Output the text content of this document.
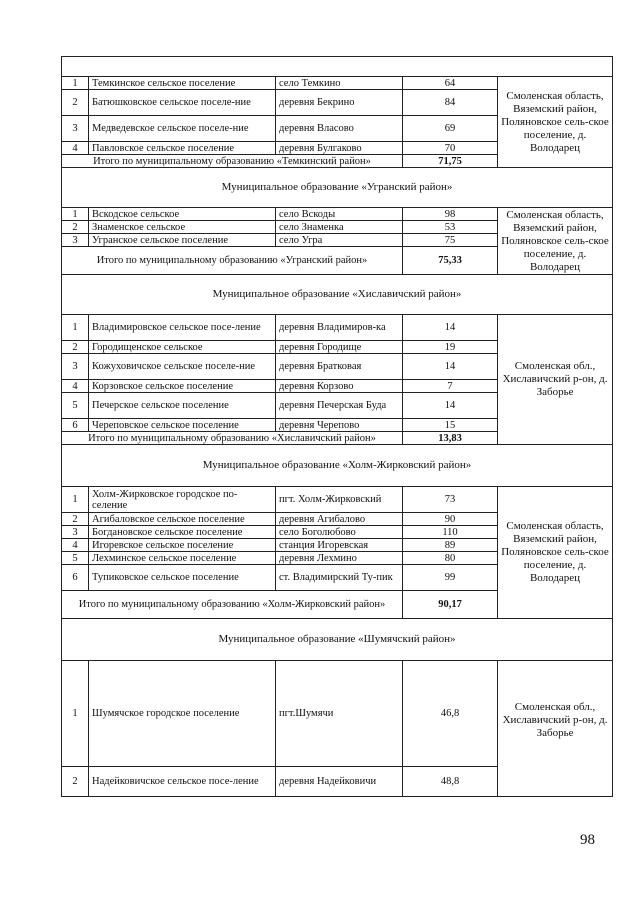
1	Темкинское сельское поселение	село Темкино	64	Смоленская область, Вяземский район, Поляновское сель-ское поселение, д. Володарец
2	Батюшковское сельское поселе-ние	деревня Бекрино	84	
3	Медведевское сельское поселе-ние	деревня Власово	69	
4	Павловское сельское поселение	деревня Булгаково	70	
Итого по муниципальному образованию «Темкинский район»			71,75	
Муниципальное образование «Угранский район»				
1	Вскодское сельское	село Вскоды	98	Смоленская область, Вяземский район, Поляновское сель-ское поселение, д. Володарец
2	Знаменское сельское	село Знаменка	53	
3	Угранское сельское поселение	село Угра	75	
Итого по муниципальному образованию «Угранский район»			75,33	
Муниципальное образование «Хиславичский район»				
1	Владимировское сельское посе-ление	деревня Владимиров-ка	14	Смоленская обл., Хиславичский р-он, д. Заборье
2	Городищенское сельское	деревня Городище	19	
3	Кожуховичское сельское поселе-ние	деревня Братковая	14	
4	Корзовское сельское поселение	деревня Корзово	7	
5	Печерское сельское поселение	деревня Печерская Буда	14	
6	Череповское сельское поселение	деревня Черепово	15	
Итого по муниципальному образованию «Хиславичский район»			13,83	
Муниципальное образование «Холм-Жирковский район»				
1	Холм-Жирковское городское по-селение	пгт. Холм-Жирковский	73	Смоленская область, Вяземский район, Поляновское сель-ское поселение, д. Володарец
2	Агибаловское сельское поселение	деревня Агибалово	90	
3	Богдановское сельское поселение	село Боголюбово	110	
4	Игоревское сельское поселение	станция Игоревская	89	
5	Лехминское сельское поселение	деревня Лехмино	80	
6	Тупиковское сельское поселение	ст. Владимирский Ту-пик	99	
Итого по муниципальному образованию «Холм-Жирковский район»			90,17	
Муниципальное образование «Шумячский район»				
1	Шумячское городское поселение	пгт.Шумячи	46,8	Смоленская обл., Хиславичский р-он, д. Заборье
2	Надейковичское сельское посе-ление	деревня Надейковичи	48,8	
98
